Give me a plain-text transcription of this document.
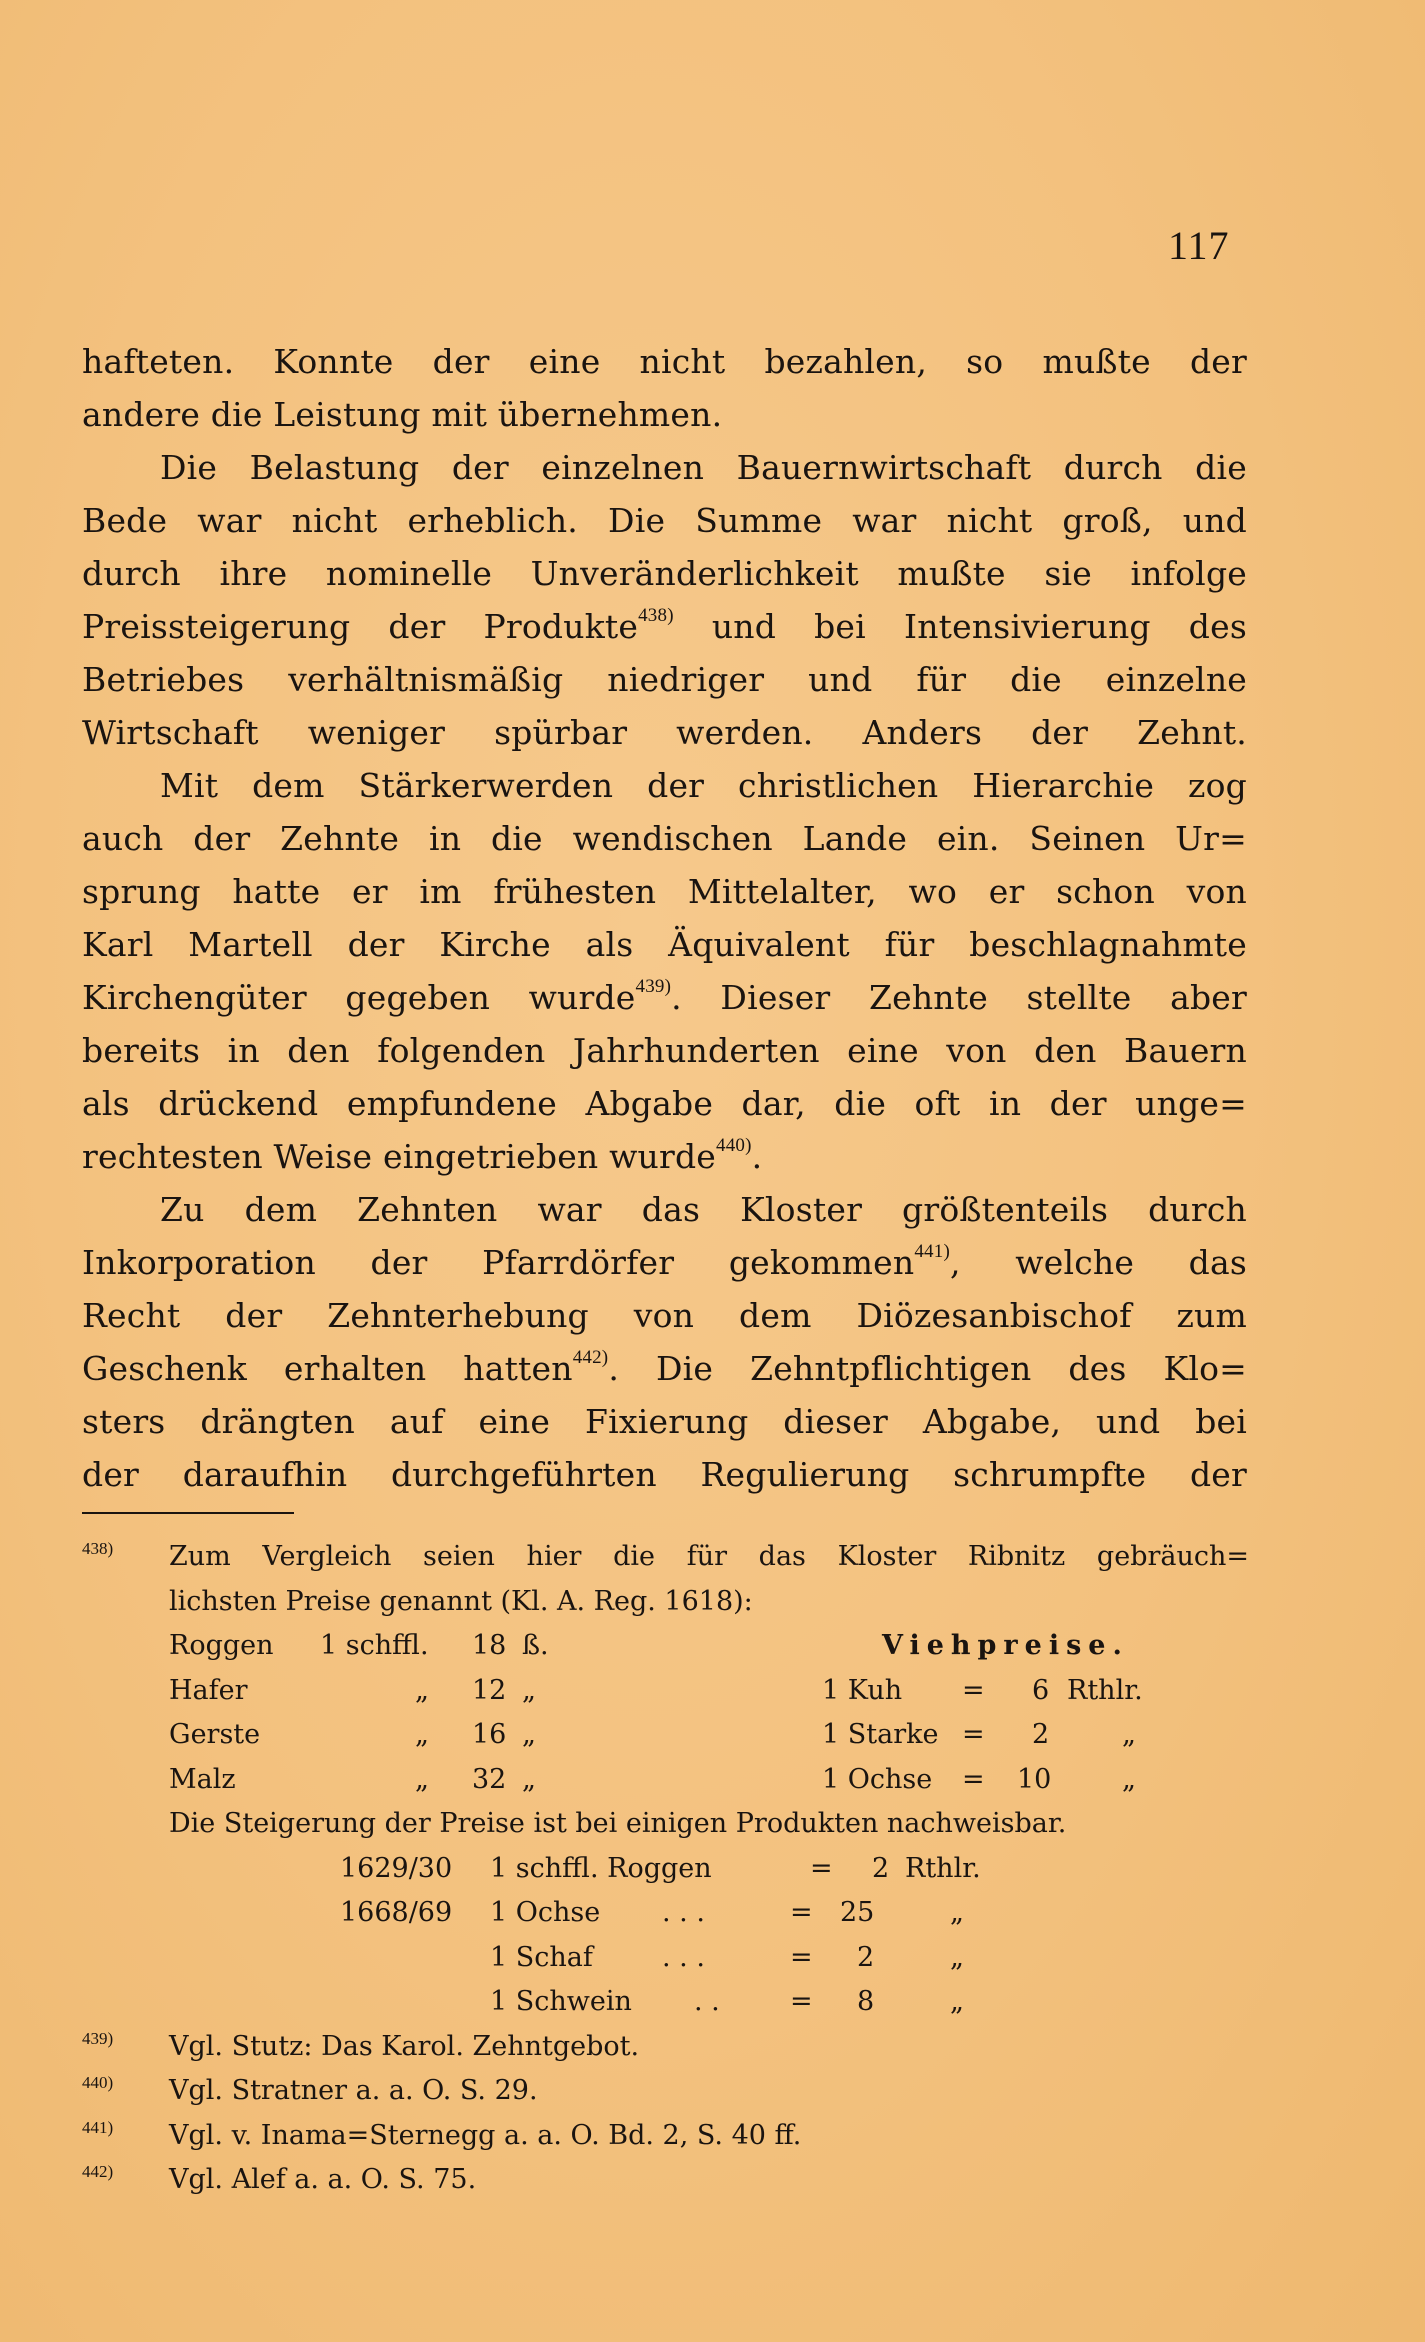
117
hafteten. Konnte der eine nicht bezahlen, so mußte der
andere die Leistung mit übernehmen.
Die Belastung der einzelnen Bauernwirtschaft durch die
Bede war nicht erheblich. Die Summe war nicht groß, und
durch ihre nominelle Unveränderlichkeit mußte sie infolge
Preissteigerung der Produkte$^{438)}$ und bei Intensivierung des
Betriebes verhältnismäßig niedriger und für die einzelne
Wirtschaft weniger spürbar werden. Anders der Zehnt.
Mit dem Stärkerwerden der christlichen Hierarchie zog
auch der Zehnte in die wendischen Lande ein. Seinen Ur=
sprung hatte er im frühesten Mittelalter, wo er schon von
Karl Martell der Kirche als Äquivalent für beschlagnahmte
Kirchengüter gegeben wurde$^{439)}$. Dieser Zehnte stellte aber
bereits in den folgenden Jahrhunderten eine von den Bauern
als drückend empfundene Abgabe dar, die oft in der unge=
rechtesten Weise eingetrieben wurde$^{440)}$.
Zu dem Zehnten war das Kloster größtenteils durch
Inkorporation der Pfarrdörfer gekommen$^{441)}$, welche das
Recht der Zehnterhebung von dem Diözesanbischof zum
Geschenk erhalten hatten$^{442)}$. Die Zehntpflichtigen des Klo=
sters drängten auf eine Fixierung dieser Abgabe, und bei
der daraufhin durchgeführten Regulierung schrumpfte der
$^{438)}$ Zum Vergleich seien hier die für das Kloster Ribnitz gebräuch=
lichsten Preise genannt (Kl. A. Reg. 1618):
Roggen 1 schffl. 18 ß.	Viehpreise.
Hafer	„ 12 „	1 Kuh = 6 Rthlr.
Gerste	„ 16 „	1 Starke = 2	„
Malz	„ 32 „	1 Ochse = 10	„
Die Steigerung der Preise ist bei einigen Produkten nachweisbar.
1629/30 1 schffl. Roggen	= 2 Rthlr.
1668/69 1 Ochse . . .	= 25	„
1 Schaf	. . .	= 2	„
1 Schwein . .	= 8	„
$^{439)}$ Vgl. Stutz: Das Karol. Zehntgebot.
$^{440)}$ Vgl. Stratner a. a. O. S. 29.
$^{441)}$ Vgl. v. Inama=Sternegg a. a. O. Bd. 2, S. 40 ff.
$^{442)}$ Vgl. Alef a. a. O. S. 75.
